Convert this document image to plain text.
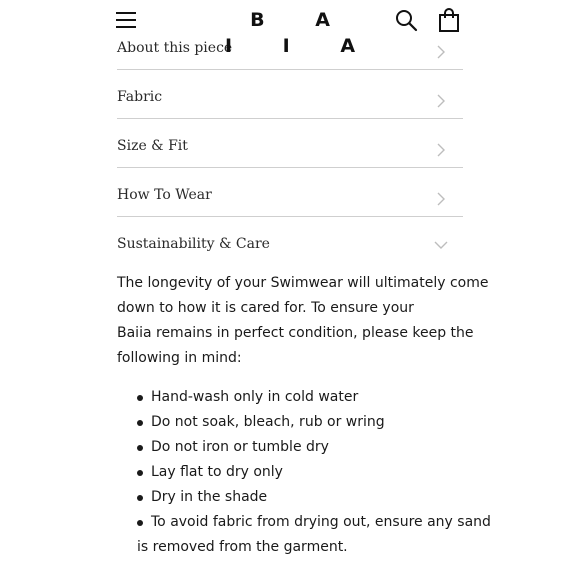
About this piece
Fabric
Size & Fit
How To Wear
Sustainability & Care

The longevity of your Swimwear will ultimately come
down to how it is cared for. To ensure your
Baiia remains in perfect condition, please keep the
following in mind:

Hand-wash only in cold water
Do not soak, bleach, rub or wring
Do not iron or tumble dry
Lay flat to dry only
Dry in the shade
To avoid fabric from drying out, ensure any sand
is removed from the garment.
B A I I A
